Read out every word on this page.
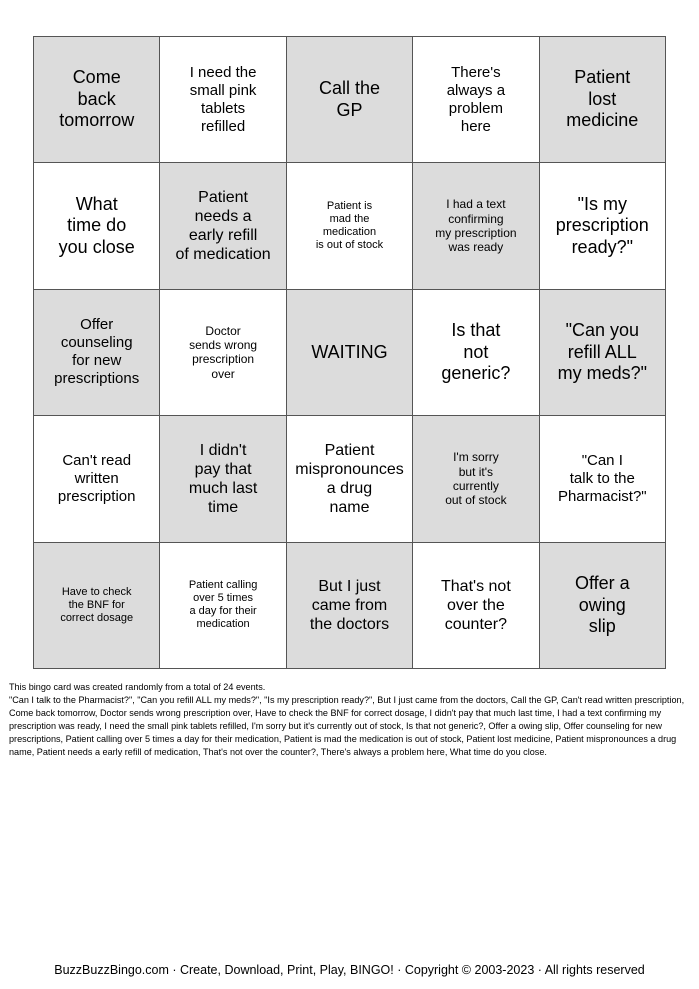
Come
back
tomorrow
I need the
small pink
tablets
refilled
Call the
GP
There's
always a
problem
here
Patient
lost
medicine
What
time do
you close
Patient
needs a
early refill
of medication
Patient is
mad the
medication
is out of stock
I had a text
confirming
my prescription
was ready
"Is my
prescription
ready?"
Offer
counseling
for new
prescriptions
Doctor
sends wrong
prescription
over
WAITING
Is that
not
generic?
"Can you
refill ALL
my meds?"
Can't read
written
prescription
I didn't
pay that
much last
time
Patient
mispronounces
a drug
name
I'm sorry
but it's
currently
out of stock
"Can I
talk to the
Pharmacist?"
Have to check
the BNF for
correct dosage
Patient calling
over 5 times
a day for their
medication
But I just
came from
the doctors
That's not
over the
counter?
Offer a
owing
slip

This bingo card was created randomly from a total of 24 events.

"Can I talk to the Pharmacist?", "Can you refill ALL my meds?", "Is my prescription ready?", But I just came from the doctors, Call the GP, Can't read written prescription, Come back tomorrow, Doctor sends wrong prescription over, Have to check the BNF for correct dosage, I didn't pay that much last time, I had a text confirming my prescription was ready, I need the small pink tablets refilled, I'm sorry but it's currently out of stock, Is that not generic?, Offer a owing slip, Offer counseling for new prescriptions, Patient calling over 5 times a day for their medication, Patient is mad the medication is out of stock, Patient lost medicine, Patient mispronounces a drug name, Patient needs a early refill of medication, That's not over the counter?, There's always a problem here, What time do you close.

BuzzBuzzBingo.com · Create, Download, Print, Play, BINGO! · Copyright © 2003-2023 · All rights reserved
